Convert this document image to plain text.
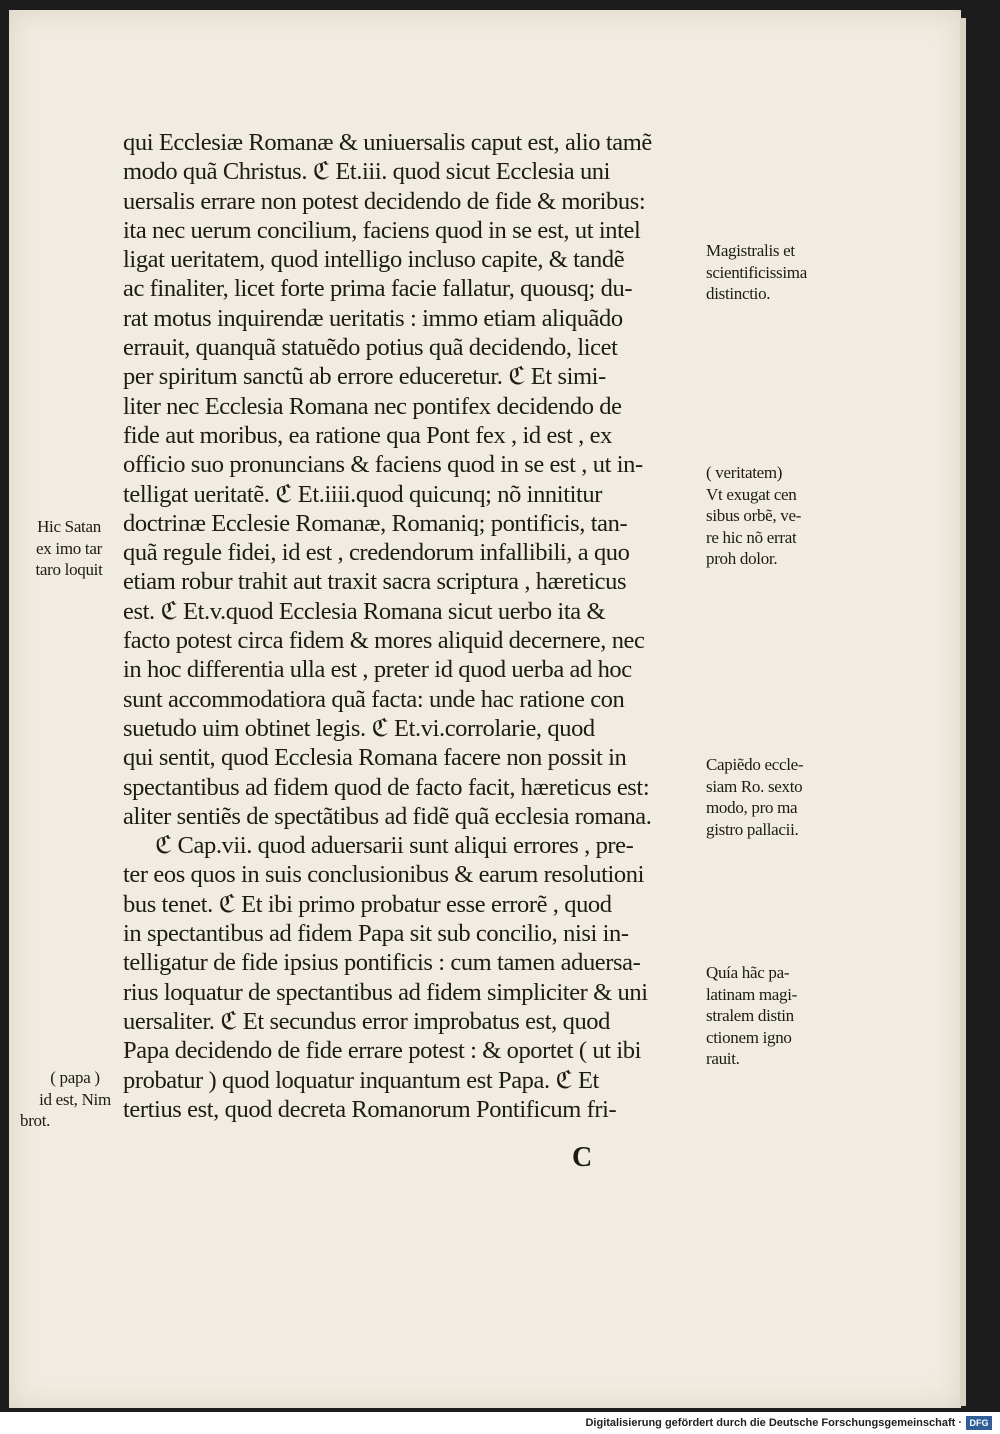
qui Ecclesiæ Romanæ & uniuersalis caput est, alio tamẽ
modo quã Christus. ℭ Et.iii. quod sicut Ecclesia uni
uersalis errare non potest decidendo de fide & moribus:
ita nec uerum concilium, faciens quod in se est, ut intel
ligat ueritatem, quod intelligo incluso capite, & tandẽ
ac finaliter, licet forte prima facie fallatur, quousq; du-
rat motus inquirendæ ueritatis : immo etiam aliquãdo
errauit, quanquã statuẽdo potius quã decidendo, licet
per spiritum sanctũ ab errore educeretur. ℭ Et simi-
liter nec Ecclesia Romana nec pontifex decidendo de
fide aut moribus, ea ratione qua Pont fex , id est , ex
officio suo pronuncians & faciens quod in se est , ut in-
telligat ueritatẽ. ℭ Et.iiii.quod quicunq; nõ innititur
doctrinæ Ecclesie Romanæ, Romaniq; pontificis, tan-
quã regule fidei, id est , credendorum infallibili, a quo
etiam robur trahit aut traxit sacra scriptura , hæreticus
est. ℭ Et.v.quod Ecclesia Romana sicut uerbo ita &
facto potest circa fidem & mores aliquid decernere, nec
in hoc differentia ulla est , preter id quod uerba ad hoc
sunt accommodatiora quã facta: unde hac ratione con
suetudo uim obtinet legis. ℭ Et.vi.corrolarie, quod
qui sentit, quod Ecclesia Romana facere non possit in
spectantibus ad fidem quod de facto facit, hæreticus est:
aliter sentiẽs de spectãtibus ad fidẽ quã ecclesia romana.
ℭ Cap.vii. quod aduersarii sunt aliqui errores , pre-
ter eos quos in suis conclusionibus & earum resolutioni
bus tenet. ℭ Et ibi primo probatur esse errorẽ , quod
in spectantibus ad fidem Papa sit sub concilio, nisi in-
telligatur de fide ipsius pontificis : cum tamen aduersa-
rius loquatur de spectantibus ad fidem simpliciter & uni
uersaliter. ℭ Et secundus error improbatus est, quod
Papa decidendo de fide errare potest : & oportet ( ut ibi
probatur ) quod loquatur inquantum est Papa. ℭ Et
tertius est, quod decreta Romanorum Pontificum fri-
C
Magistralis et
scientificissima
distinctio.
( veritatem)
Vt exugat cen
sibus orbẽ, ve-
re hic nõ errat
proh dolor.
Capiẽdo eccle-
siam Ro. sexto
modo, pro ma
gistro pallacii.
Quía hãc pa-
latinam magi-
stralem distin
ctionem igno
rauit.
Hic Satan
ex imo tar
taro loquit
( papa )
id est, Nim
brot.
Digitalisierung gefördert durch die Deutsche Forschungsgemeinschaft · DFG
